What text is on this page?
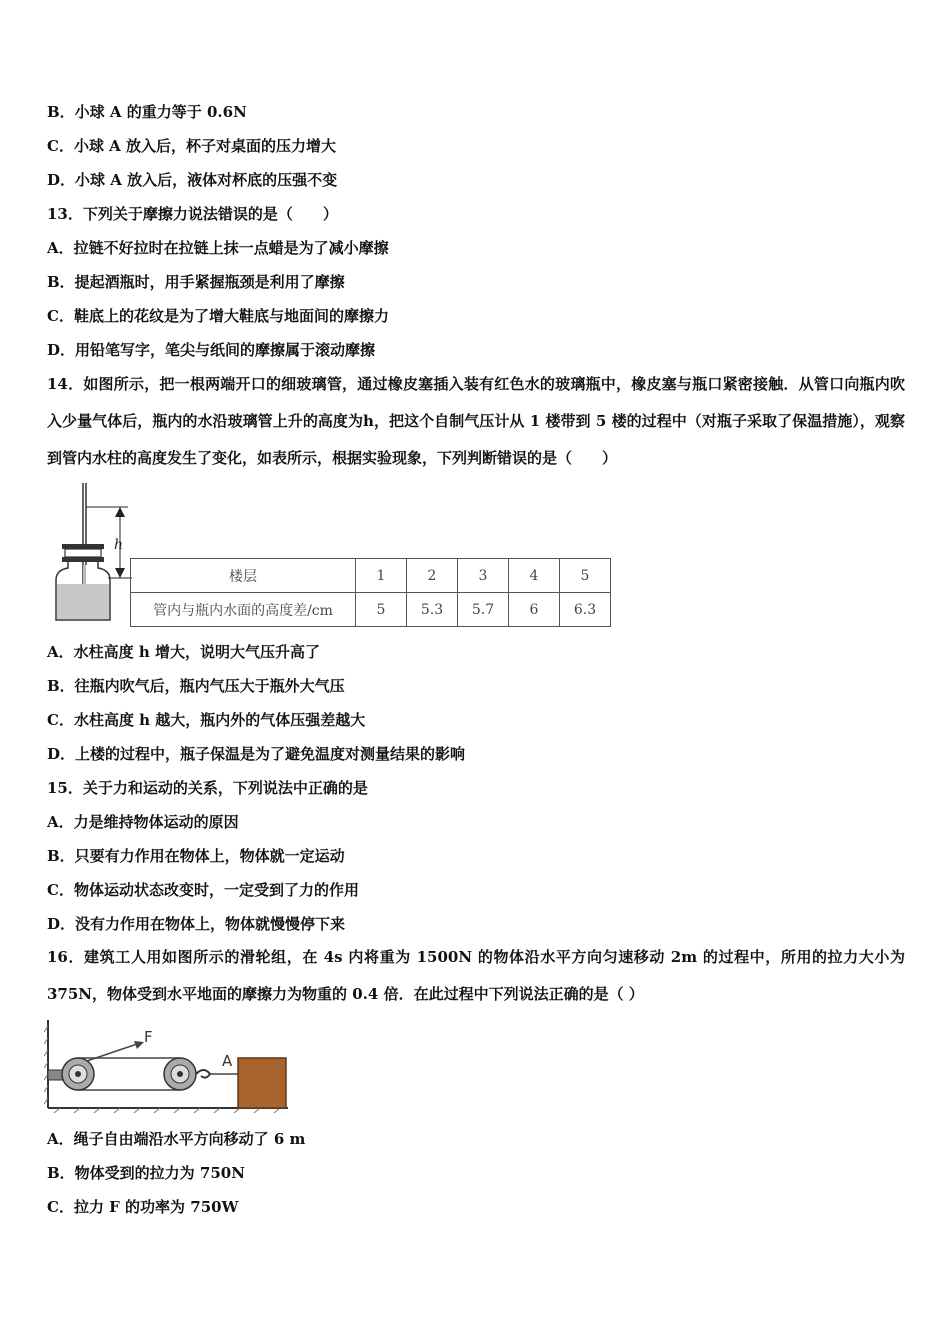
B．小球 A 的重力等于 0.6N
C．小球 A 放入后，杯子对桌面的压力增大
D．小球 A 放入后，液体对杯底的压强不变
13．下列关于摩擦力说法错误的是（　　）
A．拉链不好拉时在拉链上抹一点蜡是为了减小摩擦
B．提起酒瓶时，用手紧握瓶颈是利用了摩擦
C．鞋底上的花纹是为了增大鞋底与地面间的摩擦力
D．用铅笔写字，笔尖与纸间的摩擦属于滚动摩擦
14．如图所示，把一根两端开口的细玻璃管，通过橡皮塞插入装有红色水的玻璃瓶中，橡皮塞与瓶口紧密接触．从管口向瓶内吹入少量气体后，瓶内的水沿玻璃管上升的高度为h，把这个自制气压计从 1 楼带到 5 楼的过程中（对瓶子采取了保温措施），观察到管内水柱的高度发生了变化，如表所示，根据实验现象，下列判断错误的是（　　）
h
楼层	1	2	3	4	5
管内与瓶内水面的高度差/cm	5	5.3	5.7	6	6.3
A．水柱高度 h 增大，说明大气压升高了
B．往瓶内吹气后，瓶内气压大于瓶外大气压
C．水柱高度 h 越大，瓶内外的气体压强差越大
D．上楼的过程中，瓶子保温是为了避免温度对测量结果的影响
15．关于力和运动的关系，下列说法中正确的是
A．力是维持物体运动的原因
B．只要有力作用在物体上，物体就一定运动
C．物体运动状态改变时，一定受到了力的作用
D．没有力作用在物体上，物体就慢慢停下来
16．建筑工人用如图所示的滑轮组，在 4s 内将重为 1500N 的物体沿水平方向匀速移动 2m 的过程中，所用的拉力大小为 375N，物体受到水平地面的摩擦力为物重的 0.4 倍．在此过程中下列说法正确的是（ ）
F
A
A．绳子自由端沿水平方向移动了 6 m
B．物体受到的拉力为 750N
C．拉力 F 的功率为 750W
